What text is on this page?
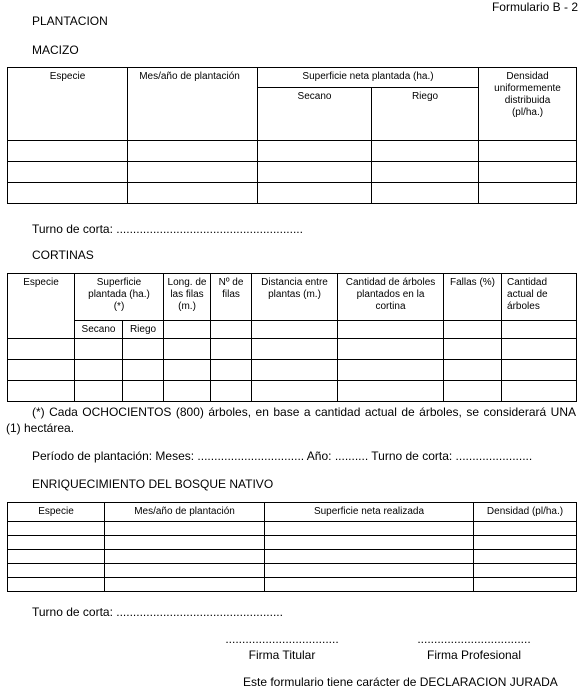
Formulario B - 2
PLANTACION
MACIZO
Especie	Mes/año de plantación	Superficie neta plantada (ha.)		Densidad uniformemente distribuida (pl/ha.)
		Secano	Riego	

Turno de corta: ........................................................
CORTINAS
Especie	Superficie plantada (ha.) (*)		Long. de las filas (m.)	Nº de filas	Distancia entre plantas (m.)	Cantidad de árboles plantados en la cortina	Fallas (%)	Cantidad actual de árboles
	Secano	Riego						

(*) Cada OCHOCIENTOS (800) árboles, en base a cantidad actual de árboles, se considerará UNA (1) hectárea.
Período de plantación: Meses: ................................ Año: .......... Turno de corta: .......................
ENRIQUECIMIENTO DEL BOSQUE NATIVO
Especie	Mes/año de plantación	Superficie neta realizada	Densidad (pl/ha.)

Turno de corta: ..................................................
..................................
Firma Titular
..................................
Firma Profesional
Este formulario tiene carácter de DECLARACION JURADA
